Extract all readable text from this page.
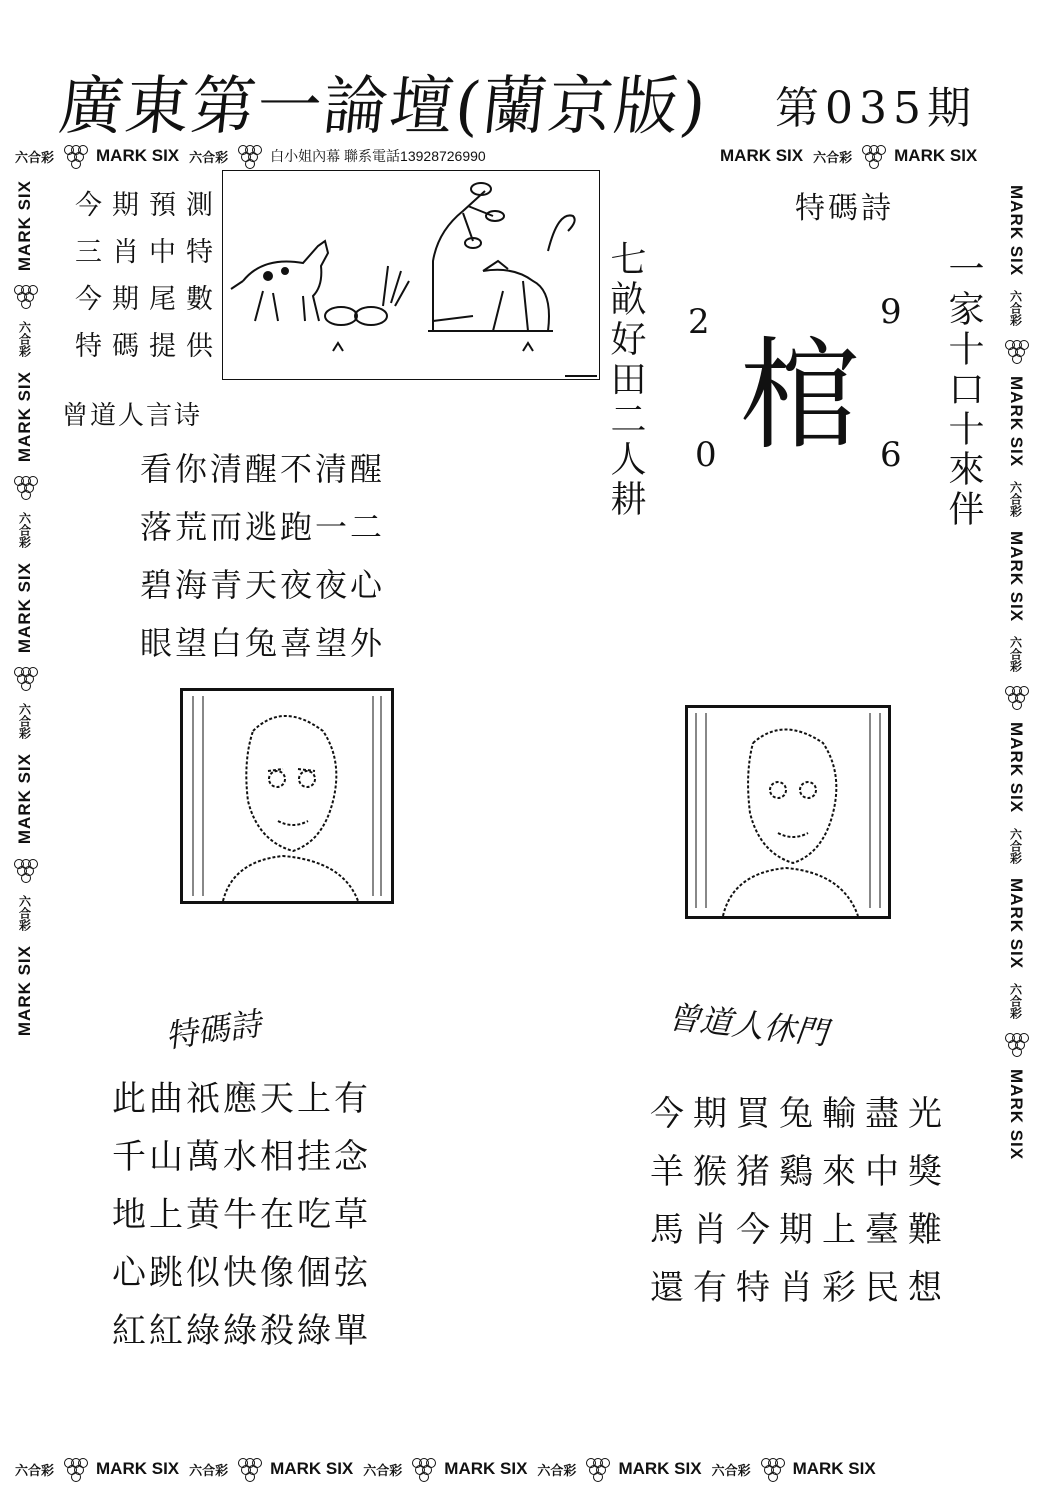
廣東第一論壇(蘭京版) 第035期
六合彩 MARK SIX 六合彩	白小姐內幕 聯系電話13928726990	MARK SIX 六合彩 MARK SIX
六合彩 MARK SIX 六合彩 MARK SIX 六合彩 MARK SIX 六合彩 MARK SIX 六合彩 MARK SIX
MARK SIX
六合彩
MARK SIX
六合彩
MARK SIX
六合彩
MARK SIX
六合彩
MARK SIX
MARK SIX
六合彩
MARK SIX
六合彩
MARK SIX
六合彩
MARK SIX
六合彩
MARK SIX
六合彩
MARK SIX
今 期 預 測
三 肖 中 特
今 期 尾 數
特 碼 提 供	七畝好田二人耕	一家十口十來伴
特碼詩
棺
2	9
0	6
曾道人言诗
看你清醒不清醒
落荒而逃跑一二
碧海青天夜夜心
眼望白兔喜望外
特碼詩
此曲祇應天上有
千山萬水相挂念
地上黄牛在吃草
心跳似快像個弦
紅紅綠綠殺綠單
曾道人休門
今期買兔輸盡光
羊猴猪鷄來中獎
馬肖今期上臺難
還有特肖彩民想
